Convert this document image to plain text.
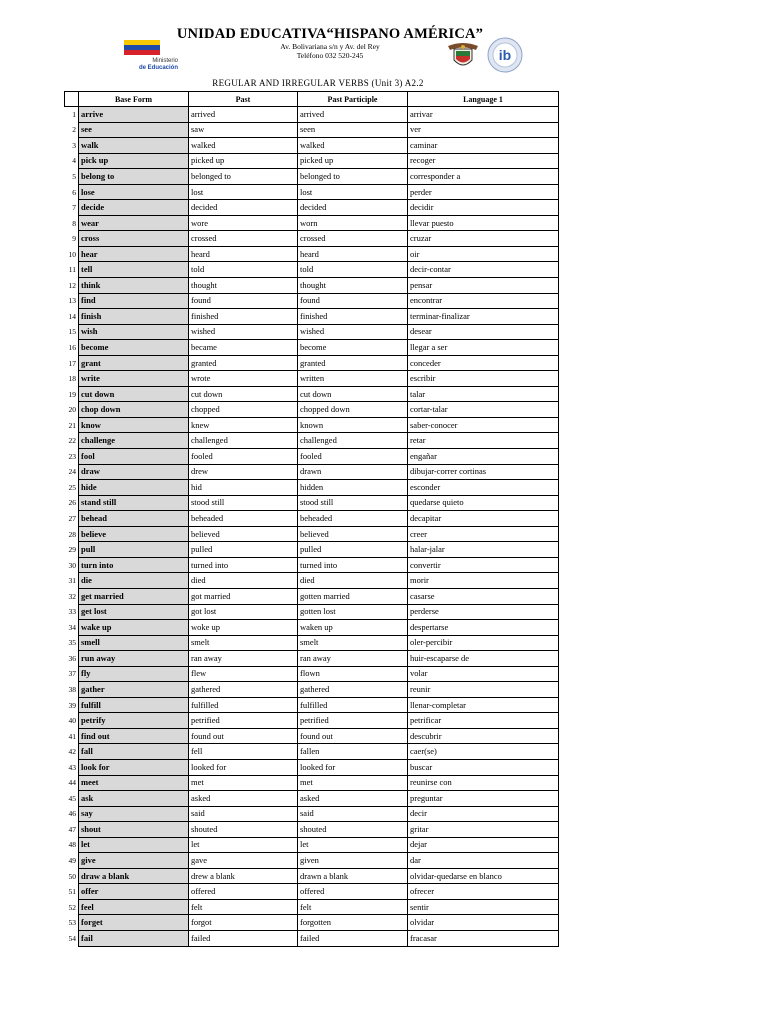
Ministerio
de Educación
UNIDAD EDUCATIVA“HISPANO AMÉRICA”
Av. Bolivariana s/n y Av. del Rey
Teléfono 032 520-245	ib
REGULAR AND IRREGULAR VERBS (Unit 3) A2.2
	Base Form	Past	Past Participle	Language 1
1	arrive	arrived	arrived	arrivar
2	see	saw	seen	ver
3	walk	walked	walked	caminar
4	pick up	picked up	picked up	recoger
5	belong to	belonged to	belonged to	corresponder a
6	lose	lost	lost	perder
7	decide	decided	decided	decidir
8	wear	wore	worn	llevar puesto
9	cross	crossed	crossed	cruzar
10	hear	heard	heard	oir
11	tell	told	told	decir-contar
12	think	thought	thought	pensar
13	find	found	found	encontrar
14	finish	finished	finished	terminar-finalizar
15	wish	wished	wished	desear
16	become	became	become	llegar a ser
17	grant	granted	granted	conceder
18	write	wrote	written	escribir
19	cut down	cut down	cut down	talar
20	chop down	chopped	chopped down	cortar-talar
21	know	knew	known	saber-conocer
22	challenge	challenged	challenged	retar
23	fool	fooled	fooled	engañar
24	draw	drew	drawn	dibujar-correr cortinas
25	hide	hid	hidden	esconder
26	stand still	stood still	stood still	quedarse quieto
27	behead	beheaded	beheaded	decapitar
28	believe	believed	believed	creer
29	pull	pulled	pulled	halar-jalar
30	turn into	turned into	turned into	convertir
31	die	died	died	morir
32	get married	got married	gotten married	casarse
33	get lost	got lost	gotten lost	perderse
34	wake up	woke up	waken up	despertarse
35	smell	smelt	smelt	oler-percibir
36	run away	ran away	ran away	huir-escaparse de
37	fly	flew	flown	volar
38	gather	gathered	gathered	reunir
39	fulfill	fulfilled	fulfilled	llenar-completar
40	petrify	petrified	petrified	petrificar
41	find out	found out	found out	descubrir
42	fall	fell	fallen	caer(se)
43	look for	looked for	looked for	buscar
44	meet	met	met	reunirse con
45	ask	asked	asked	preguntar
46	say	said	said	decir
47	shout	shouted	shouted	gritar
48	let	let	let	dejar
49	give	gave	given	dar
50	draw a blank	drew a blank	drawn a blank	olvidar-quedarse en blanco
51	offer	offered	offered	ofrecer
52	feel	felt	felt	sentir
53	forget	forgot	forgotten	olvidar
54	fail	failed	failed	fracasar
